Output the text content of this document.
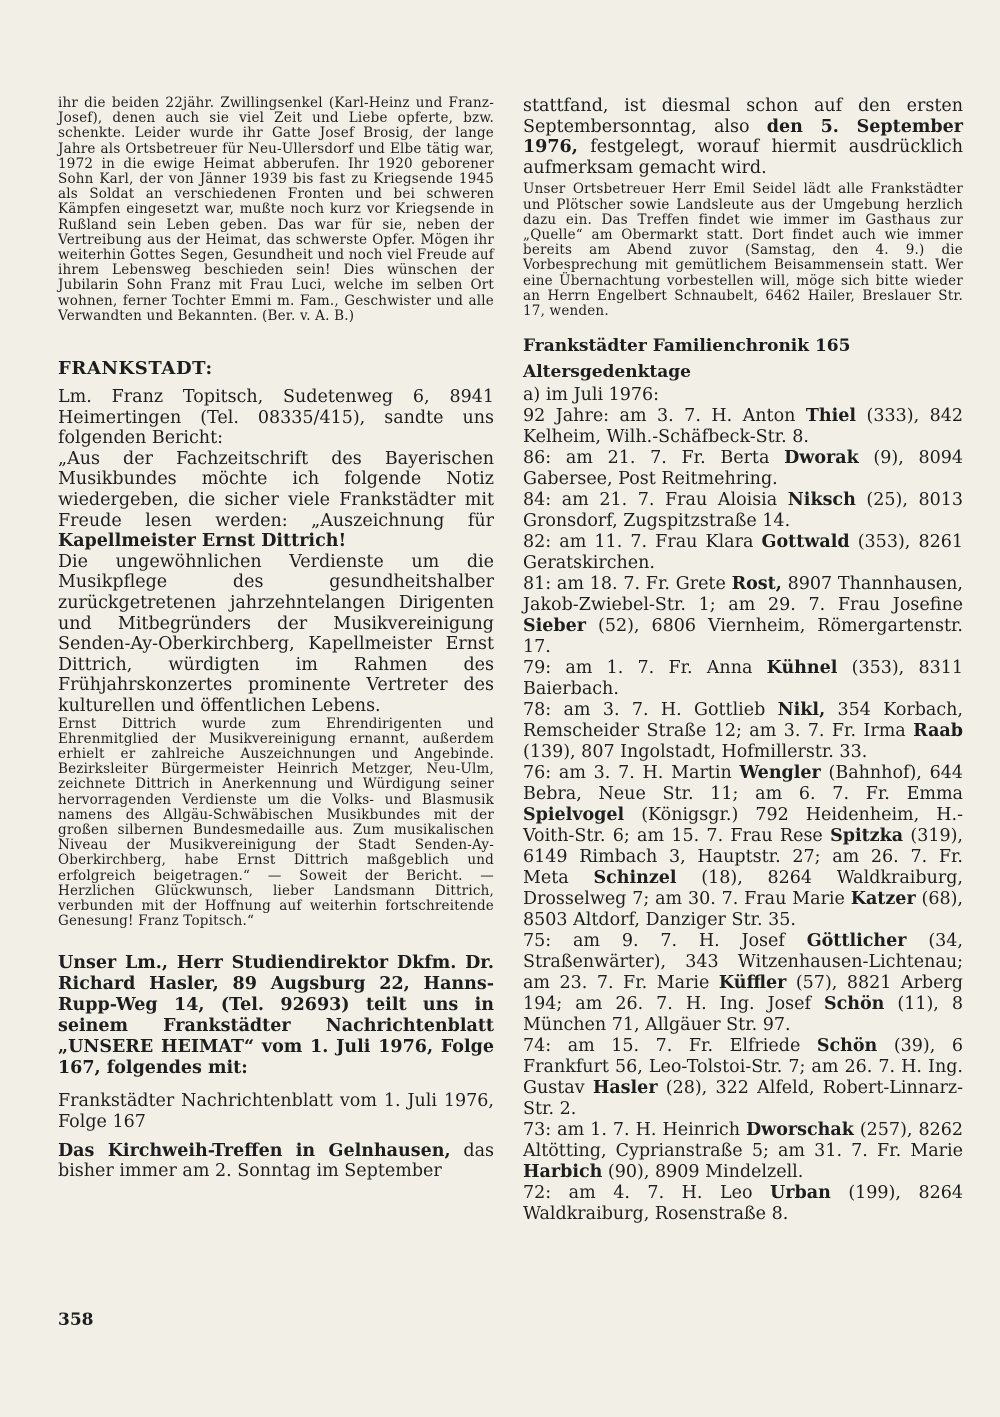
ihr die beiden 22jähr. Zwillingsenkel (Karl-Heinz und Franz-Josef), denen auch sie viel Zeit und Liebe opferte, bzw. schenkte. Leider wurde ihr Gatte Josef Brosig, der lange Jahre als Ortsbetreuer für Neu-Ullersdorf und Elbe tätig war, 1972 in die ewige Heimat abberufen. Ihr 1920 geborener Sohn Karl, der von Jänner 1939 bis fast zu Kriegsende 1945 als Soldat an verschiedenen Fronten und bei schweren Kämpfen eingesetzt war, mußte noch kurz vor Kriegsende in Rußland sein Leben geben. Das war für sie, neben der Vertreibung aus der Heimat, das schwerste Opfer. Mögen ihr weiterhin Gottes Segen, Gesundheit und noch viel Freude auf ihrem Lebensweg beschieden sein! Dies wünschen der Jubilarin Sohn Franz mit Frau Luci, welche im selben Ort wohnen, ferner Tochter Emmi m. Fam., Geschwister und alle Verwandten und Bekannten. (Ber. v. A. B.)

FRANKSTADT:

Lm. Franz Topitsch, Sudetenweg 6, 8941 Heimertingen (Tel. 08335/415), sandte uns folgenden Bericht:

„Aus der Fachzeitschrift des Bayerischen Musikbundes möchte ich folgende Notiz wiedergeben, die sicher viele Frankstädter mit Freude lesen werden: „Auszeichnung für Kapellmeister Ernst Dittrich!

Die ungewöhnlichen Verdienste um die Musikpflege des gesundheitshalber zurückgetretenen jahrzehntelangen Dirigenten und Mitbegründers der Musikvereinigung Senden-Ay-Oberkirchberg, Kapellmeister Ernst Dittrich, würdigten im Rahmen des Frühjahrskonzertes prominente Vertreter des kulturellen und öffentlichen Lebens.

Ernst Dittrich wurde zum Ehrendirigenten und Ehrenmitglied der Musikvereinigung ernannt, außerdem erhielt er zahlreiche Auszeichnungen und Angebinde. Bezirksleiter Bürgermeister Heinrich Metzger, Neu-Ulm, zeichnete Dittrich in Anerkennung und Würdigung seiner hervorragenden Verdienste um die Volks- und Blasmusik namens des Allgäu-Schwäbischen Musikbundes mit der großen silbernen Bundesmedaille aus. Zum musikalischen Niveau der Musikvereinigung der Stadt Senden-Ay-Oberkirchberg, habe Ernst Dittrich maßgeblich und erfolgreich beigetragen.“ — Soweit der Bericht. — Herzlichen Glückwunsch, lieber Landsmann Dittrich, verbunden mit der Hoffnung auf weiterhin fortschreitende Genesung! Franz Topitsch.“

Unser Lm., Herr Studiendirektor Dkfm. Dr. Richard Hasler, 89 Augsburg 22, Hanns-Rupp-Weg 14, (Tel. 92693) teilt uns in seinem Frankstädter Nachrichtenblatt „UNSERE HEIMAT“ vom 1. Juli 1976, Folge 167, folgendes mit:

Frankstädter Nachrichtenblatt vom 1. Juli 1976, Folge 167

Das Kirchweih-Treffen in Gelnhausen, das bisher immer am 2. Sonntag im September

stattfand, ist diesmal schon auf den ersten Septembersonntag, also den 5. September 1976, festgelegt, worauf hiermit ausdrücklich aufmerksam gemacht wird.

Unser Ortsbetreuer Herr Emil Seidel lädt alle Frankstädter und Plötscher sowie Landsleute aus der Umgebung herzlich dazu ein. Das Treffen findet wie immer im Gasthaus zur „Quelle“ am Obermarkt statt. Dort findet auch wie immer bereits am Abend zuvor (Samstag, den 4. 9.) die Vorbesprechung mit gemütlichem Beisammensein statt. Wer eine Übernachtung vorbestellen will, möge sich bitte wieder an Herrn Engelbert Schnaubelt, 6462 Hailer, Breslauer Str. 17, wenden.

Frankstädter Familienchronik 165

Altersgedenktage

a) im Juli 1976:

92 Jahre: am 3. 7. H. Anton Thiel (333), 842 Kelheim, Wilh.-Schäfbeck-Str. 8.

86: am 21. 7. Fr. Berta Dworak (9), 8094 Gabersee, Post Reitmehring.

84: am 21. 7. Frau Aloisia Niksch (25), 8013 Gronsdorf, Zugspitzstraße 14.

82: am 11. 7. Frau Klara Gottwald (353), 8261 Geratskirchen.

81: am 18. 7. Fr. Grete Rost, 8907 Thannhausen, Jakob-Zwiebel-Str. 1; am 29. 7. Frau Josefine Sieber (52), 6806 Viernheim, Römergartenstr. 17.

79: am 1. 7. Fr. Anna Kühnel (353), 8311 Baierbach.

78: am 3. 7. H. Gottlieb Nikl, 354 Korbach, Remscheider Straße 12; am 3. 7. Fr. Irma Raab (139), 807 Ingolstadt, Hofmillerstr. 33.

76: am 3. 7. H. Martin Wengler (Bahnhof), 644 Bebra, Neue Str. 11; am 6. 7. Fr. Emma Spielvogel (Königsgr.) 792 Heidenheim, H.-Voith-Str. 6; am 15. 7. Frau Rese Spitzka (319), 6149 Rimbach 3, Hauptstr. 27; am 26. 7. Fr. Meta Schinzel (18), 8264 Waldkraiburg, Drosselweg 7; am 30. 7. Frau Marie Katzer (68), 8503 Altdorf, Danziger Str. 35.

75: am 9. 7. H. Josef Göttlicher (34, Straßenwärter), 343 Witzenhausen-Lichtenau; am 23. 7. Fr. Marie Küffler (57), 8821 Arberg 194; am 26. 7. H. Ing. Josef Schön (11), 8 München 71, Allgäuer Str. 97.

74: am 15. 7. Fr. Elfriede Schön (39), 6 Frankfurt 56, Leo-Tolstoi-Str. 7; am 26. 7. H. Ing. Gustav Hasler (28), 322 Alfeld, Robert-Linnarz-Str. 2.

73: am 1. 7. H. Heinrich Dworschak (257), 8262 Altötting, Cyprianstraße 5; am 31. 7. Fr. Marie Harbich (90), 8909 Mindelzell.

72: am 4. 7. H. Leo Urban (199), 8264 Waldkraiburg, Rosenstraße 8.

358
